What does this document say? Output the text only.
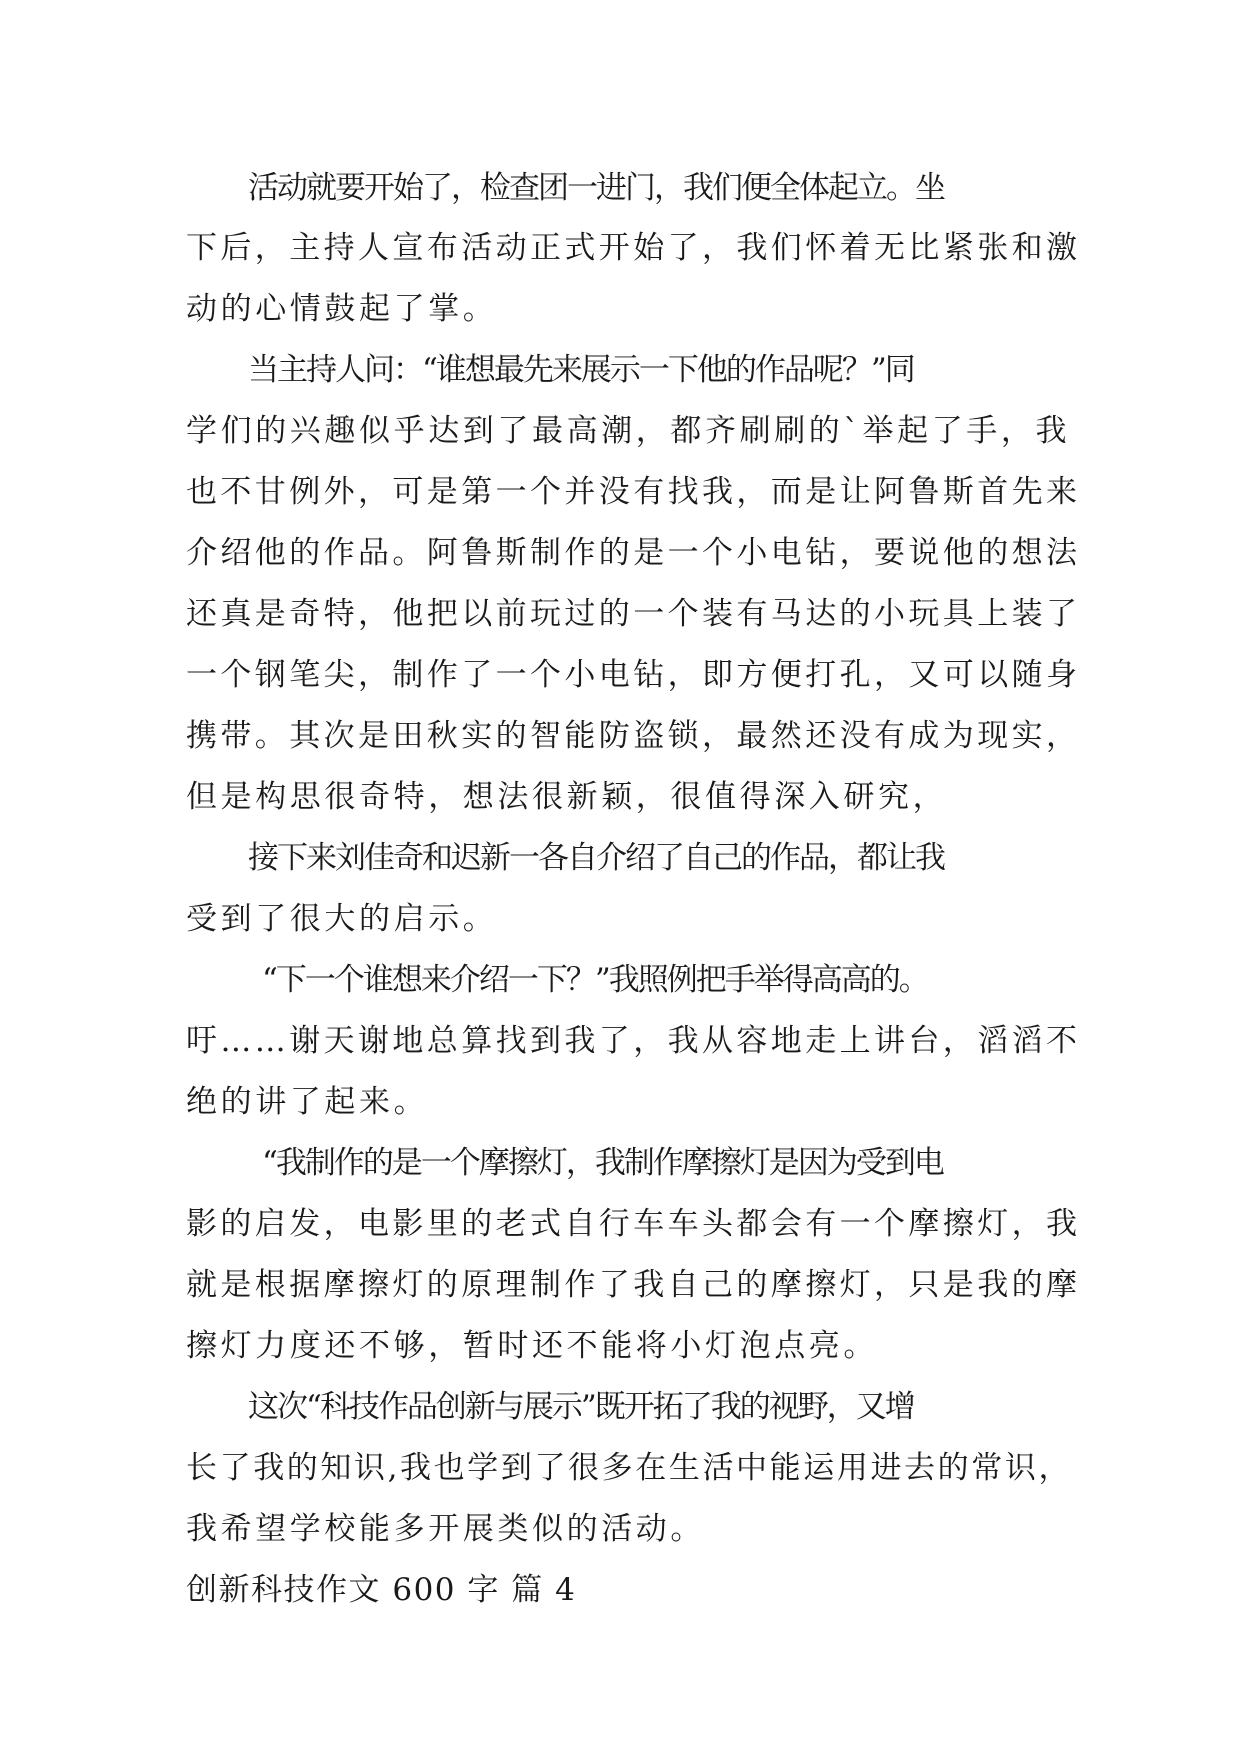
活动就要开始了，检查团一进门，我们便全体起立。坐
下后，主持人宣布活动正式开始了，我们怀着无比紧张和激
动的心情鼓起了掌。
当主持人问：“谁想最先来展示一下他的作品呢？”同
学们的兴趣似乎达到了最高潮，都齐刷刷的`举起了手，我
也不甘例外，可是第一个并没有找我，而是让阿鲁斯首先来
介绍他的作品。阿鲁斯制作的是一个小电钻，要说他的想法
还真是奇特，他把以前玩过的一个装有马达的小玩具上装了
一个钢笔尖，制作了一个小电钻，即方便打孔，又可以随身
携带。其次是田秋实的智能防盗锁，最然还没有成为现实，
但是构思很奇特，想法很新颖，很值得深入研究，
接下来刘佳奇和迟新一各自介绍了自己的作品，都让我
受到了很大的启示。
“下一个谁想来介绍一下？”我照例把手举得高高的。
吁……谢天谢地总算找到我了，我从容地走上讲台，滔滔不
绝的讲了起来。
“我制作的是一个摩擦灯，我制作摩擦灯是因为受到电
影的启发，电影里的老式自行车车头都会有一个摩擦灯，我
就是根据摩擦灯的原理制作了我自己的摩擦灯，只是我的摩
擦灯力度还不够，暂时还不能将小灯泡点亮。
这次“科技作品创新与展示”既开拓了我的视野，又增
长了我的知识,我也学到了很多在生活中能运用进去的常识，
我希望学校能多开展类似的活动。
创新科技作文 600 字 篇 4
